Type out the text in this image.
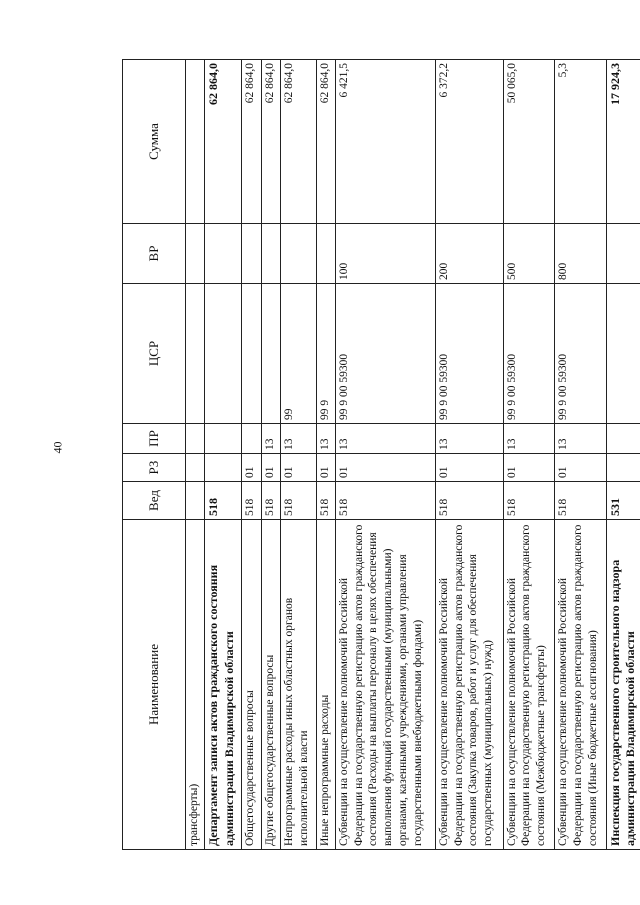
40
Наименование	Вед	РЗ	ПР	ЦСР	ВР	Сумма
трансферты)						
Департамент записи актов гражданского состояния администрации Владимирской области	518					62 864,0
Общегосударственные вопросы	518	01				62 864,0
Другие общегосударственные вопросы	518	01	13			62 864,0
Непрограммные расходы иных областных органов исполнительной власти	518	01	13	99		62 864,0
Иные непрограммные расходы	518	01	13	99 9		62 864,0
Субвенции на осуществление полномочий Российской Федерации на государственную регистрацию актов гражданского состояния (Расходы на выплаты персоналу в целях обеспечения выполнения функций государственными (муниципальными) органами, казенными учреждениями, органами управления государственными внебюджетными фондами)	518	01	13	99 9 00 59300	100	6 421,5
Субвенции на осуществление полномочий Российской Федерации на государственную регистрацию актов гражданского состояния (Закупка товаров, работ и услуг для обеспечения государственных (муниципальных) нужд)	518	01	13	99 9 00 59300	200	6 372,2
Субвенции на осуществление полномочий Российской Федерации на государственную регистрацию актов гражданского состояния (Межбюджетные трансферты)	518	01	13	99 9 00 59300	500	50 065,0
Субвенции на осуществление полномочий Российской Федерации на государственную регистрацию актов гражданского состояния (Иные бюджетные ассигнования)	518	01	13	99 9 00 59300	800	5,3
Инспекция государственного строительного надзора администрации Владимирской области	531					17 924,3
